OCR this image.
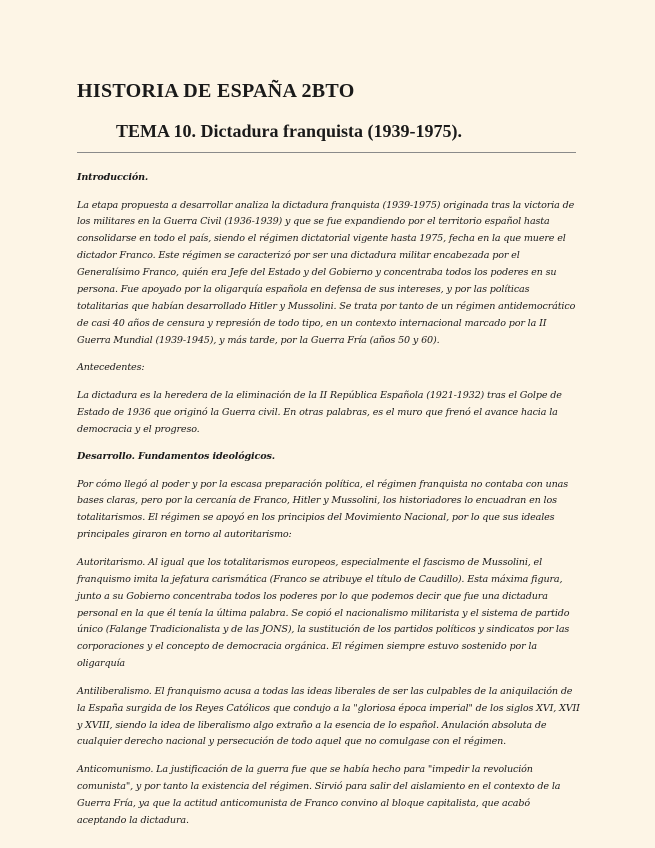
HISTORIA DE ESPAÑA 2BTO
TEMA 10. Dictadura franquista (1939-1975).

Introducción.

La etapa propuesta a desarrollar analiza la dictadura franquista (1939-1975) originada tras la victoria de los militares en la Guerra Civil (1936-1939) y que se fue expandiendo por el territorio español hasta consolidarse en todo el país, siendo el régimen dictatorial vigente hasta 1975, fecha en la que muere el dictador Franco. Este régimen se caracterizó por ser una dictadura militar encabezada por el Generalísimo Franco, quién era Jefe del Estado y del Gobierno y concentraba todos los poderes en su persona. Fue apoyado por la oligarquía española en defensa de sus intereses, y por las políticas totalitarias que habían desarrollado Hitler y Mussolini. Se trata por tanto de un régimen antidemocrático de casi 40 años de censura y represión de todo tipo, en un contexto internacional marcado por la II Guerra Mundial (1939-1945), y más tarde, por la Guerra Fría (años 50 y 60).

Antecedentes:

La dictadura es la heredera de la eliminación de la II República Española (1921-1932) tras el Golpe de Estado de 1936 que originó la Guerra civil. En otras palabras, es el muro que frenó el avance hacia la democracia y el progreso.

Desarrollo. Fundamentos ideológicos.

Por cómo llegó al poder y por la escasa preparación política, el régimen franquista no contaba con unas bases claras, pero por la cercanía de Franco, Hitler y Mussolini, los historiadores lo encuadran en los totalitarismos. El régimen se apoyó en los principios del Movimiento Nacional, por lo que sus ideales principales giraron en torno al autoritarismo:

Autoritarismo. Al igual que los totalitarismos europeos, especialmente el fascismo de Mussolini, el franquismo imita la jefatura carismática (Franco se atribuye el título de Caudillo). Esta máxima figura, junto a su Gobierno concentraba todos los poderes por lo que podemos decir que fue una dictadura personal en la que él tenía la última palabra. Se copió el nacionalismo militarista y el sistema de partido único (Falange Tradicionalista y de las JONS), la sustitución de los partidos políticos y sindicatos por las corporaciones y el concepto de democracia orgánica. El régimen siempre estuvo sostenido por la oligarquía

Antiliberalismo. El franquismo acusa a todas las ideas liberales de ser las culpables de la aniquilación de la España surgida de los Reyes Católicos que condujo a la "gloriosa época imperial" de los siglos XVI, XVII y XVIII, siendo la idea de liberalismo algo extraño a la esencia de lo español. Anulación absoluta de cualquier derecho nacional y persecución de todo aquel que no comulgase con el régimen.

Anticomunismo. La justificación de la guerra fue que se había hecho para "impedir la revolución comunista", y por tanto la existencia del régimen. Sirvió para salir del aislamiento en el contexto de la Guerra Fría, ya que la actitud anticomunista de Franco convino al bloque capitalista, que acabó aceptando la dictadura.
